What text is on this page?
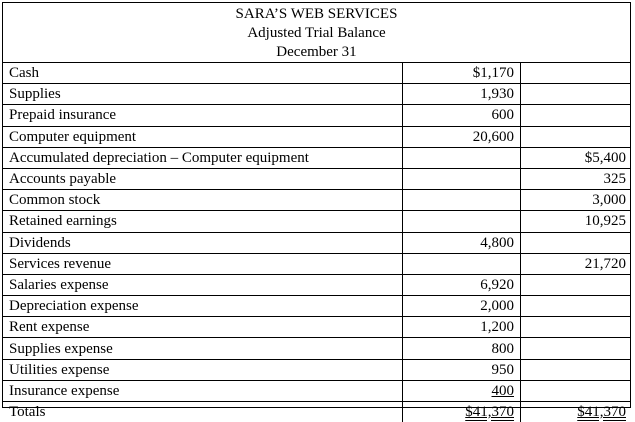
SARA’S WEB SERVICES
Adjusted Trial Balance
December 31
Cash	$1,170	
Supplies	1,930	
Prepaid insurance	600	
Computer equipment	20,600	
Accumulated depreciation – Computer equipment		$5,400
Accounts payable		325
Common stock		3,000
Retained earnings		10,925
Dividends	4,800	
Services revenue		21,720
Salaries expense	6,920	
Depreciation expense	2,000	
Rent expense	1,200	
Supplies expense	800	
Utilities expense	950	
Insurance expense	400	
Totals	$41,370	$41,370
